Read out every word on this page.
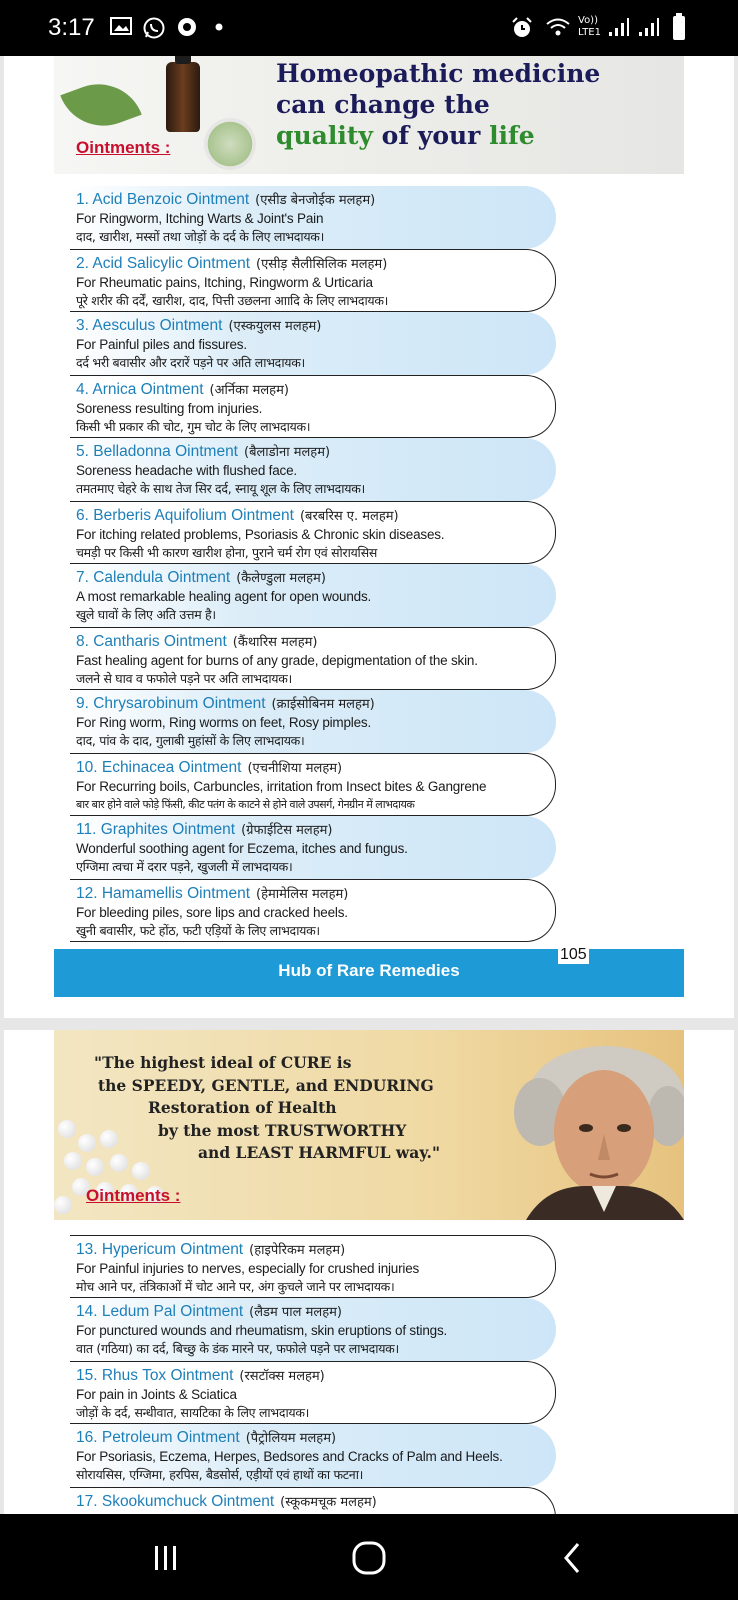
3:17	Vo))
LTE1
Ointments :
Homeopathic medicine
can change the
quality of your life
1. Acid Benzoic Ointment (एसीड बेनजोईक मलहम)
For Ringworm, Itching Warts & Joint's Pain
दाद, खारीश, मस्सों तथा जोड़ों के दर्द के लिए लाभदायक।
2. Acid Salicylic Ointment (एसीड़ सैलीसिलिक मलहम)
For Rheumatic pains, Itching, Ringworm & Urticaria
पूरे शरीर की दर्दें, खारीश, दाद, पित्ती उछलना आादि के लिए लाभदायक।
3. Aesculus Ointment (एस्कयुलस मलहम)
For Painful piles and fissures.
दर्द भरी बवासीर और दरारें पड़ने पर अति लाभदायक।
4. Arnica Ointment (अर्निका मलहम)
Soreness resulting from injuries.
किसी भी प्रकार की चोट, गुम चोट के लिए लाभदायक।
5. Belladonna Ointment (बैलाडोना मलहम)
Soreness headache with flushed face.
तमतमाए चेहरे के साथ तेज सिर दर्द, स्नायू शूल के लिए लाभदायक।
6. Berberis Aquifolium Ointment (बरबरिस ए. मलहम)
For itching related problems, Psoriasis & Chronic skin diseases.
चमड़ी पर किसी भी कारण खारीश होना, पुराने चर्म रोग एवं सोरायसिस
7. Calendula Ointment (कैलेण्डुला मलहम)
A most remarkable healing agent for open wounds.
खुले घावों के लिए अति उत्तम है।
8. Cantharis Ointment (कैंथारिस मलहम)
Fast healing agent for burns of any grade, depigmentation of the skin.
जलने से घाव व फफोले पड़ने पर अति लाभदायक।
9. Chrysarobinum Ointment (क्राईसोबिनम मलहम)
For Ring worm, Ring worms on feet, Rosy pimples.
दाद, पांव के दाद, गुलाबी मुहांसों के लिए लाभदायक।
10. Echinacea Ointment (एचनीशिया मलहम)
For Recurring boils, Carbuncles, irritation from Insect bites & Gangrene
बार बार होने वाले फोड़े फिंसी, कीट पतंग के काटने से होने वाले उपसर्ग, गेनग्रीन में लाभदायक
11. Graphites Ointment (ग्रेफाईटिस मलहम)
Wonderful soothing agent for Eczema, itches and fungus.
एग्जिमा त्वचा में दरार पड़ने, खुजली में लाभदायक।
12. Hamamellis Ointment (हेमामेलिस मलहम)
For bleeding piles, sore lips and cracked heels.
खुनी बवासीर, फटे होंठ, फटी एड़ियों के लिए लाभदायक।
Hub of Rare Remedies
105
"The highest ideal of CURE is
the SPEEDY, GENTLE, and ENDURING
Restoration of Health
by the most TRUSTWORTHY
and LEAST HARMFUL way."
Ointments :
13. Hypericum Ointment (हाइपेरिकम मलहम)
For Painful injuries to nerves, especially for crushed injuries
मोच आने पर, तंत्रिकाओं में चोट आने पर, अंग कुचले जाने पर लाभदायक।
14. Ledum Pal Ointment (लैडम पाल मलहम)
For punctured wounds and rheumatism, skin eruptions of stings.
वात (गठिया) का दर्द, बिच्छु के डंक मारने पर, फफोले पड़ने पर लाभदायक।
15. Rhus Tox Ointment (रसटॉक्स मलहम)
For pain in Joints & Sciatica
जोड़ों के दर्द, सन्धीवात, सायटिका के लिए लाभदायक।
16. Petroleum Ointment (पैट्रोलियम मलहम)
For Psoriasis, Eczema, Herpes, Bedsores and Cracks of Palm and Heels.
सोरायसिस, एग्जिमा, हरपिस, बैडसोर्स, एड़ीयों एवं हाथों का फटना।
17. Skookumchuck Ointment (स्कूकमचूक मलहम)
